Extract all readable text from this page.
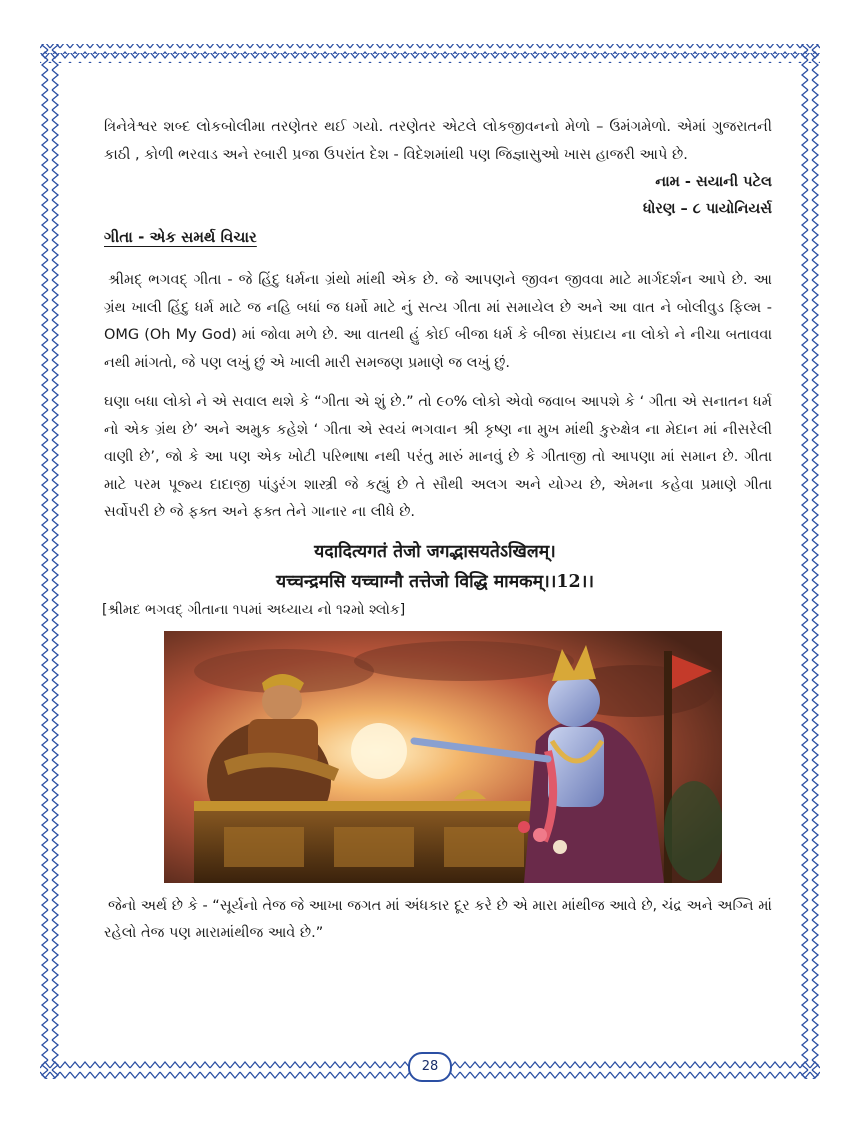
ત્રિનેત્રેશ્વર શબ્દ લોકબોલીમા તરણેતર થઈ ગયો. તરણેતર એટલે લોકજીવનનો મેળો – ઉમંગમેળો. એમાં ગુજરાતની કાઠી , કોળી ભરવાડ અને રબારી પ્રજા ઉપરાંત દેશ - વિદેશમાંથી પણ જિજ્ઞાસુઓ ખાસ હાજરી આપે છે.

નામ - સયાની પટેલ

ધોરણ – ૮ પાયોનિયર્સ

ગીતા - એક સમર્થ વિચાર

શ્રીમદ્ ભગવદ્ ગીતા - જે હિંદુ ધર્મના ગ્રંથો માંથી એક છે. જે આપણને જીવન જીવવા માટે માર્ગદર્શન આપે છે. આ ગ્રંથ ખાલી હિંદુ ધર્મ માટે જ નહિ બધાં જ ધર્મો માટે નું સત્ય ગીતા માં સમાયેલ છે અને આ વાત ને બોલીવુડ ફિલ્મ - OMG (Oh My God) માં જોવા મળે છે. આ વાતથી હું કોઈ બીજા ધર્મ કે બીજા સંપ્રદાય ના લોકો ને નીચા બતાવવા નથી માંગતો, જે પણ લખું છું એ ખાલી મારી સમજણ પ્રમાણે જ લખું છું.

ઘણા બધા લોકો ને એ સવાલ થશે કે “ગીતા એ શું છે.” તો ૯૦% લોકો એવો જવાબ આપશે કે ‘ ગીતા એ સનાતન ધર્મ નો એક ગ્રંથ છે’ અને અમુક કહેશે ‘ ગીતા એ સ્વયં ભગવાન શ્રી કૃષ્ણ ના મુખ માંથી કુરુક્ષેત્ર ના મેદાન માં નીસરેલી વાણી છે’, જો કે આ પણ એક ખોટી પરિભાષા નથી પરંતુ મારું માનવું છે કે ગીતાજી તો આપણા માં સમાન છે. ગીતા માટે પરમ પૂજ્ય દાદાજી પાંડુરંગ શાસ્ત્રી જે કહ્યું છે તે સૌથી અલગ અને યોગ્ય છે, એમના કહેવા પ્રમાણે ગીતા સર્વોપરી છે જે ફક્ત અને ફક્ત તેને ગાનાર ના લીધે છે.

यदादित्यगतं तेजो जगद्भासयतेऽखिलम्।

यच्चन्द्रमसि यच्चाग्नौ तत्तेजो विद्धि मामकम्।।12।।

[શ્રીમદ ભગવદ્ ગીતાના ૧૫માં અધ્યાય નો ૧૨મો શ્લોક]

જેનો અર્થ છે કે - “સૂર્યનો તેજ જે આખા જગત માં અંધકાર દૂર કરે છે એ મારા માંથીજ આવે છે, ચંદ્ર અને અગ્નિ માં રહેલો તેજ પણ મારામાંથીજ આવે છે.”

28
